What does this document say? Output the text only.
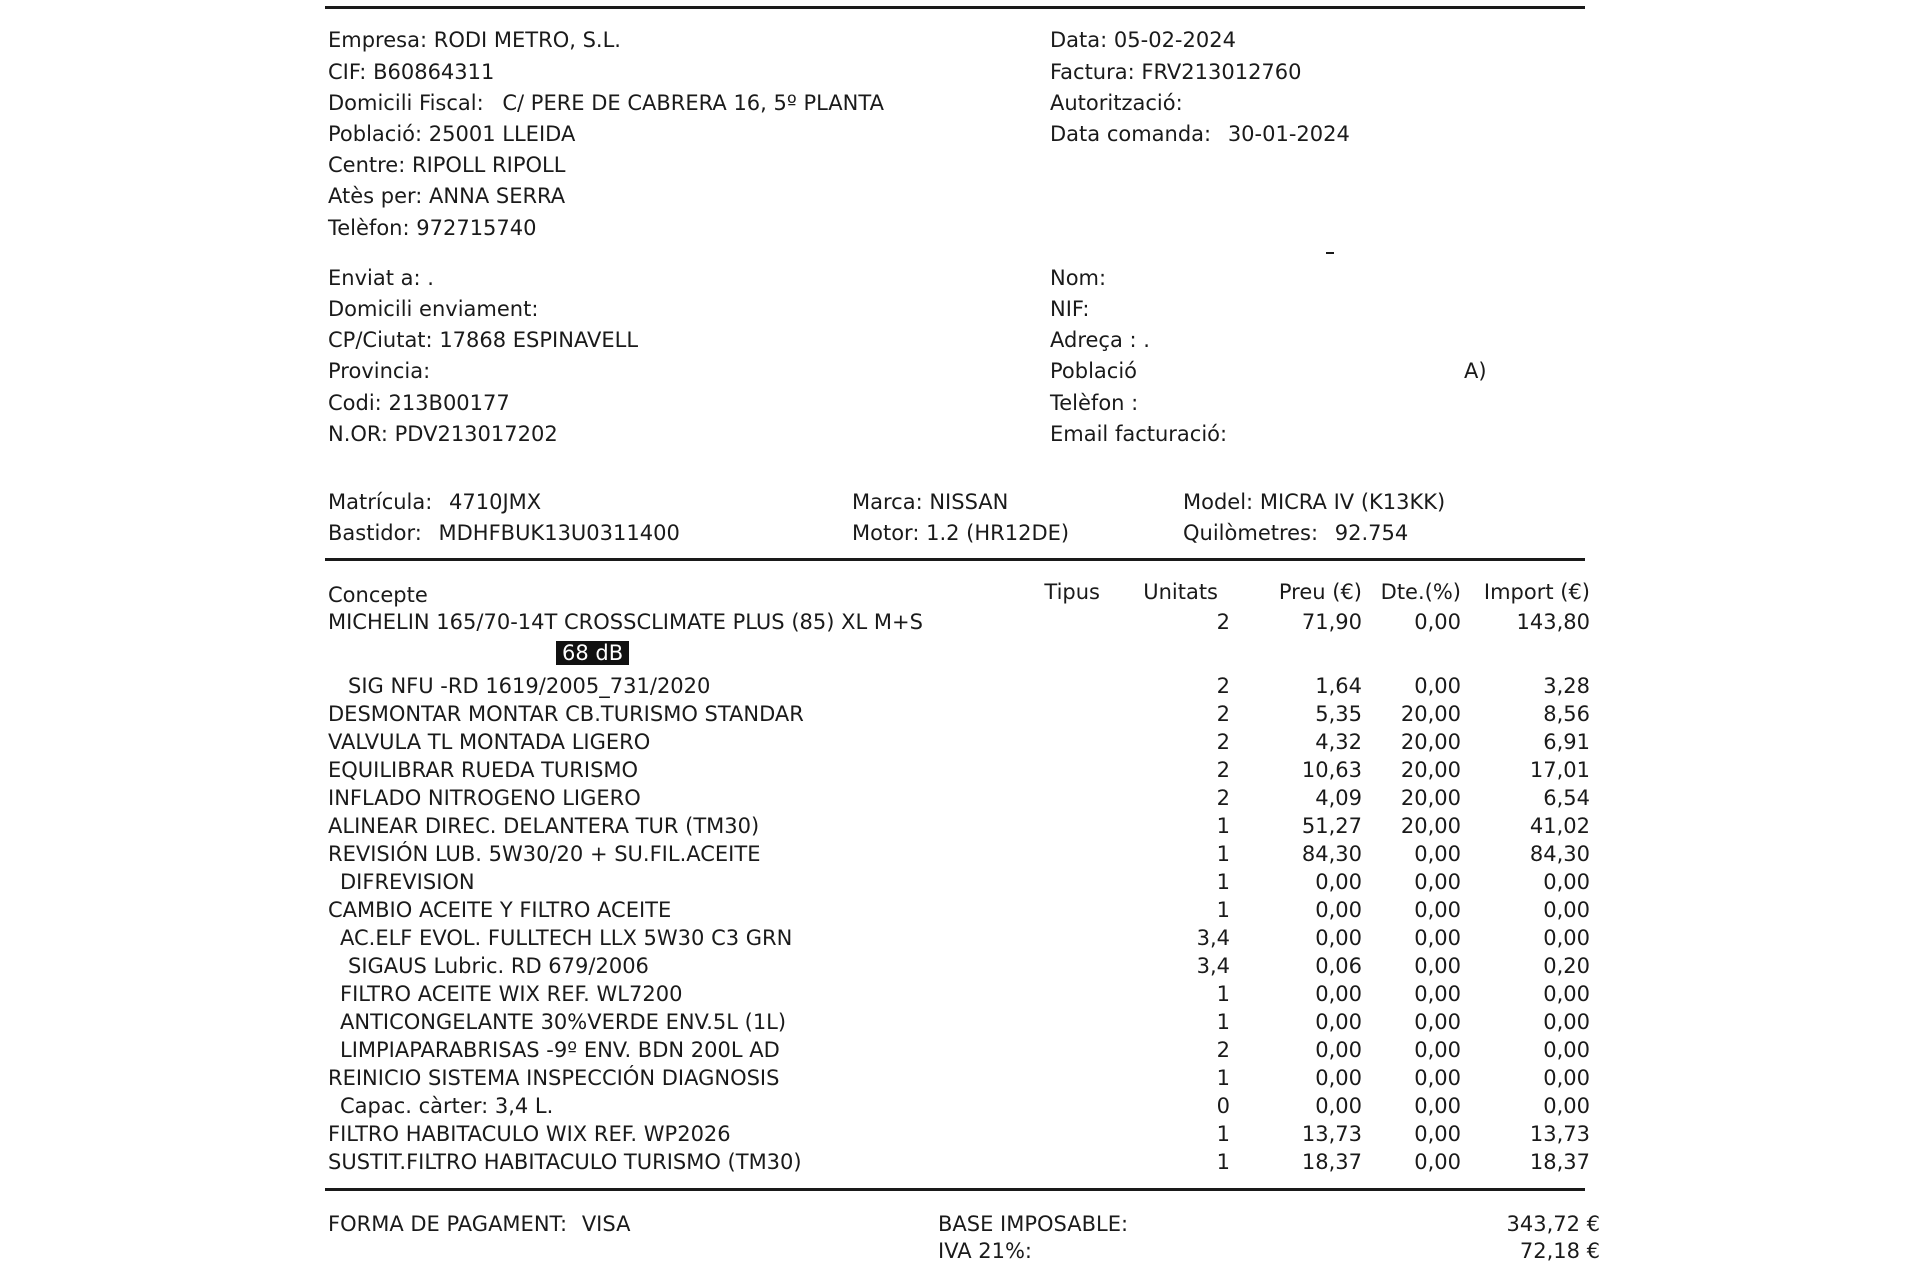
Empresa: RODI METRO, S.L.
CIF: B60864311
Domicili Fiscal: C/ PERE DE CABRERA 16, 5º PLANTA
Població: 25001 LLEIDA
Centre: RIPOLL RIPOLL
Atès per: ANNA SERRA
Telèfon: 972715740
Data: 05-02-2024
Factura: FRV213012760
Autorització:
Data comanda: 30-01-2024
Enviat a: .
Domicili enviament:
CP/Ciutat: 17868 ESPINAVELL
Provincia:
Codi: 213B00177
N.OR: PDV213017202
Nom:
NIF:
Adreça : .
Població	A)
Telèfon :
Email facturació:
Matrícula: 4710JMX
Bastidor: MDHFBUK13U0311400
Marca: NISSAN
Motor: 1.2 (HR12DE)
Model: MICRA IV (K13KK)
Quilòmetres: 92.754
Concepte	Tipus Unitats	Preu (€) Dte.(%) Import (€)
MICHELIN 165/70-14T CROSSCLIMATE PLUS (85) XL M+S	2	71,90 0,00	143,80
SIG NFU -RD 1619/2005_731/2020	2	1,64 0,00	3,28
DESMONTAR MONTAR CB.TURISMO STANDAR	2	5,35 20,00	8,56
VALVULA TL MONTADA LIGERO	2	4,32 20,00	6,91
EQUILIBRAR RUEDA TURISMO	2	10,63 20,00	17,01
INFLADO NITROGENO LIGERO	2	4,09 20,00	6,54
ALINEAR DIREC. DELANTERA TUR (TM30)	1	51,27 20,00	41,02
REVISIÓN LUB. 5W30/20 + SU.FIL.ACEITE	1	84,30 0,00	84,30
DIFREVISION	1	0,00 0,00	0,00
CAMBIO ACEITE Y FILTRO ACEITE	1	0,00 0,00	0,00
AC.ELF EVOL. FULLTECH LLX 5W30 C3 GRN	3,4	0,00 0,00	0,00
SIGAUS Lubric. RD 679/2006	3,4	0,06 0,00	0,20
FILTRO ACEITE WIX REF. WL7200	1	0,00 0,00	0,00
ANTICONGELANTE 30%VERDE ENV.5L (1L)	1	0,00 0,00	0,00
LIMPIAPARABRISAS -9º ENV. BDN 200L AD	2	0,00 0,00	0,00
REINICIO SISTEMA INSPECCIÓN DIAGNOSIS	1	0,00 0,00	0,00
Capac. càrter: 3,4 L.	0	0,00 0,00	0,00
FILTRO HABITACULO WIX REF. WP2026	1	13,73 0,00	13,73
SUSTIT.FILTRO HABITACULO TURISMO (TM30)	1	18,37 0,00	18,37
68 dB
FORMA DE PAGAMENT: VISA	BASE IMPOSABLE:	343,72 €
IVA 21%:	72,18 €
